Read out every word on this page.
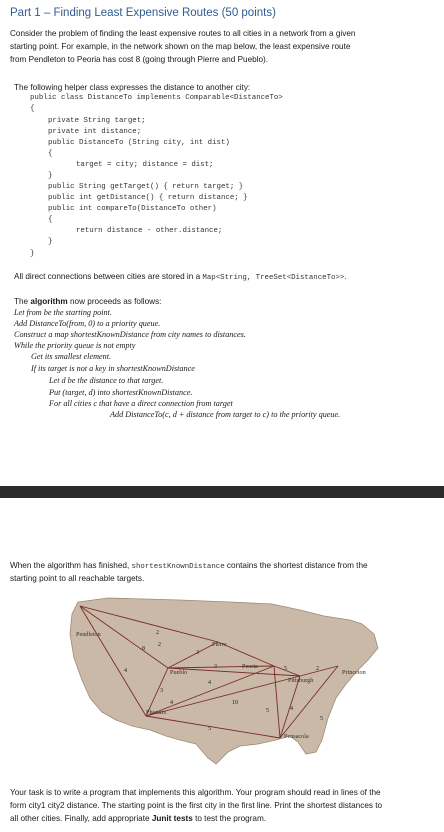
Part 1 – Finding Least Expensive Routes (50 points)
Consider the problem of finding the least expensive routes to all cities in a network from a given
starting point. For example, in the network shown on the map below, the least expensive route
from Pendleton to Peoria has cost 8 (going through Pierre and Pueblo).
The following helper class expresses the distance to another city:
public class DistanceTo implements Comparable<DistanceTo>
{
private String target;
private int distance;
public DistanceTo (String city, int dist)
{
target = city; distance = dist;
}
public String getTarget() { return target; }
public int getDistance() { return distance; }
public int compareTo(DistanceTo other)
{
return distance - other.distance;
}
}
All direct connections between cities are stored in a Map<String, TreeSet<DistanceTo>>.
The algorithm now proceeds as follows:
Let from be the starting point.
Add DistanceTo(from, 0) to a priority queue.
Construct a map shortestKnownDistance from city names to distances.
While the priority queue is not empty
Get its smallest element.
If its target is not a key in shortestKnownDistance
Let d be the distance to that target.
Put (target, d) into shortestKnownDistance.
For all cities c that have a direct connection from target
Add DistanceTo(c, d + distance from target to c) to the priority queue.
When the algorithm has finished, shortestKnownDistance contains the shortest distance from the
starting point to all reachable targets.
Pendleton
Pierre
Pueblo
Phoenix
Peoria
Pittsburgh
Princeton
Pensacola
2
8
3
4
3
3
4
5
4
2
10
5
4
5
2
5
Your task is to write a program that implements this algorithm. Your program should read in lines of the
form city1 city2 distance. The starting point is the first city in the first line. Print the shortest distances to
all other cities. Finally, add appropriate Junit tests to test the program.
